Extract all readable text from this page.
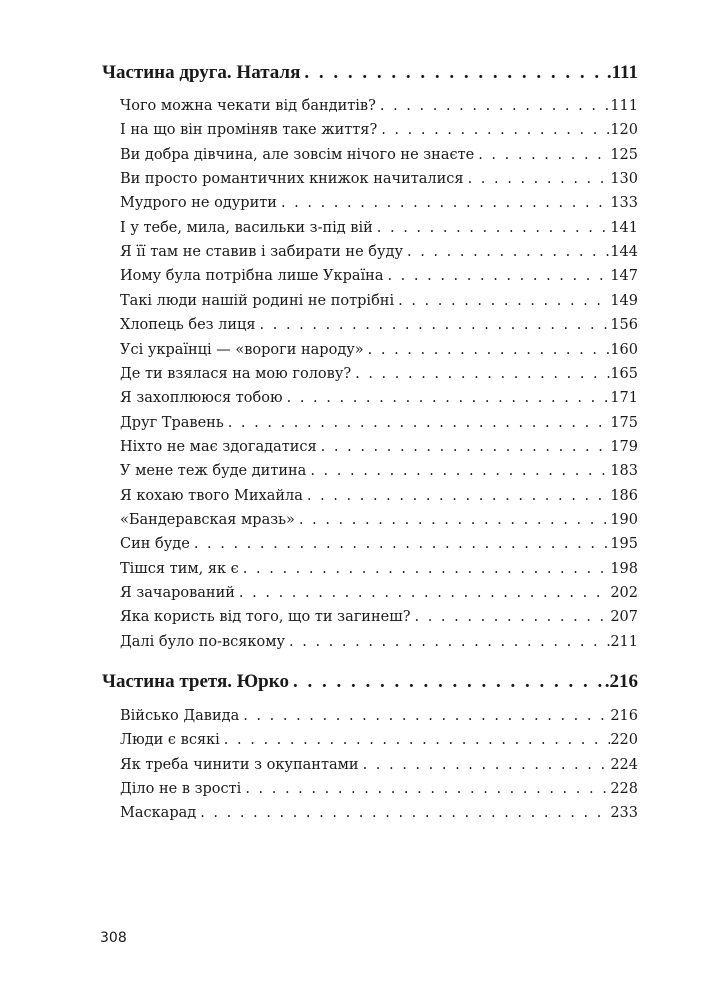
Частина друга. Наталя . . .	.111
Чого можна чекати від бандитів? . . .	111
І на що він проміняв таке життя? . . .	120
Ви добра дівчина, але зовсім нічого не знаєте . . .	125
Ви просто романтичних книжок начиталися . . .	130
Мудрого не одурити . . .	133
І у тебе, мила, васильки з-під вій . . .	141
Я її там не ставив і забирати не буду . . .	144
Йому була потрібна лише Україна . . .	147
Такі люди нашій родині не потрібні . . .	149
Хлопець без лиця . . .	156
Усі українці — «вороги народу» . . .	160
Де ти взялася на мою голову? . . .	165
Я захоплююся тобою . . .	171
Друг Травень . . .	175
Ніхто не має здогадатися . . .	179
У мене теж буде дитина . . .	183
Я кохаю твого Михайла . . .	186
«Бандеравская мразь» . . .	190
Син буде . . .	195
Тішся тим, як є . . .	198
Я зачарований . . .	202
Яка користь від того, що ти загинеш? . . .	207
Далі було по-всякому . . .	211
Частина третя. Юрко . . .	.216
Військо Давида . . .	216
Люди є всякі . . .	220
Як треба чинити з окупантами . . .	224
Діло не в зрості . . .	228
Маскарад . . .	233
308
